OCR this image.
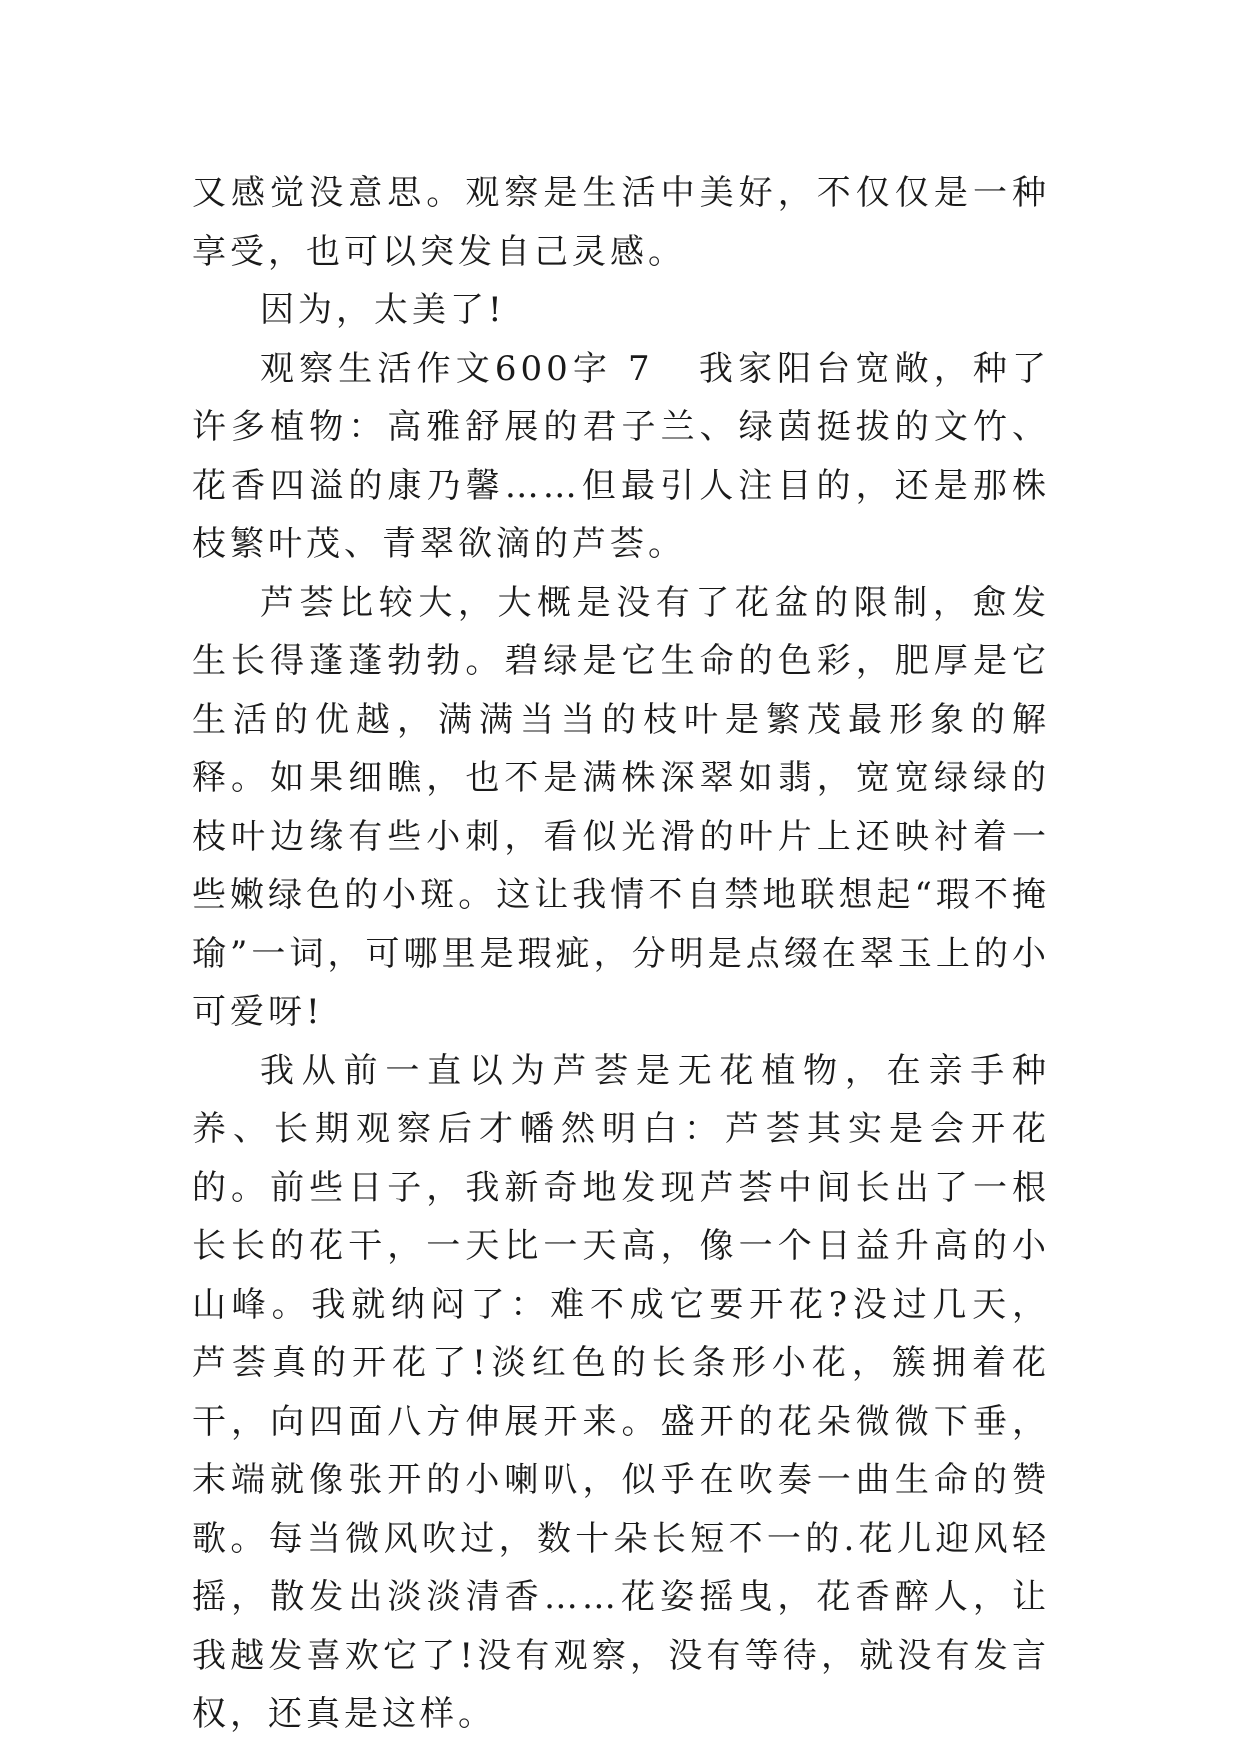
又感觉没意思。观察是生活中美好，不仅仅是一种享受，也可以突发自己灵感。

因为，太美了!

观察生活作文600字 7 我家阳台宽敞，种了许多植物：高雅舒展的君子兰、绿茵挺拔的文竹、花香四溢的康乃馨……但最引人注目的，还是那株枝繁叶茂、青翠欲滴的芦荟。

芦荟比较大，大概是没有了花盆的限制，愈发生长得蓬蓬勃勃。碧绿是它生命的色彩，肥厚是它生活的优越，满满当当的枝叶是繁茂最形象的解释。如果细瞧，也不是满株深翠如翡，宽宽绿绿的枝叶边缘有些小刺，看似光滑的叶片上还映衬着一些嫩绿色的小斑。这让我情不自禁地联想起“瑕不掩瑜”一词，可哪里是瑕疵，分明是点缀在翠玉上的小可爱呀!

我从前一直以为芦荟是无花植物，在亲手种养、长期观察后才幡然明白：芦荟其实是会开花的。前些日子，我新奇地发现芦荟中间长出了一根长长的花干，一天比一天高，像一个日益升高的小山峰。我就纳闷了：难不成它要开花?没过几天，芦荟真的开花了!淡红色的长条形小花，簇拥着花干，向四面八方伸展开来。盛开的花朵微微下垂，末端就像张开的小喇叭，似乎在吹奏一曲生命的赞歌。每当微风吹过，数十朵长短不一的.花儿迎风轻摇，散发出淡淡清香……花姿摇曳，花香醉人，让我越发喜欢它了!没有观察，没有等待，就没有发言权，还真是这样。
